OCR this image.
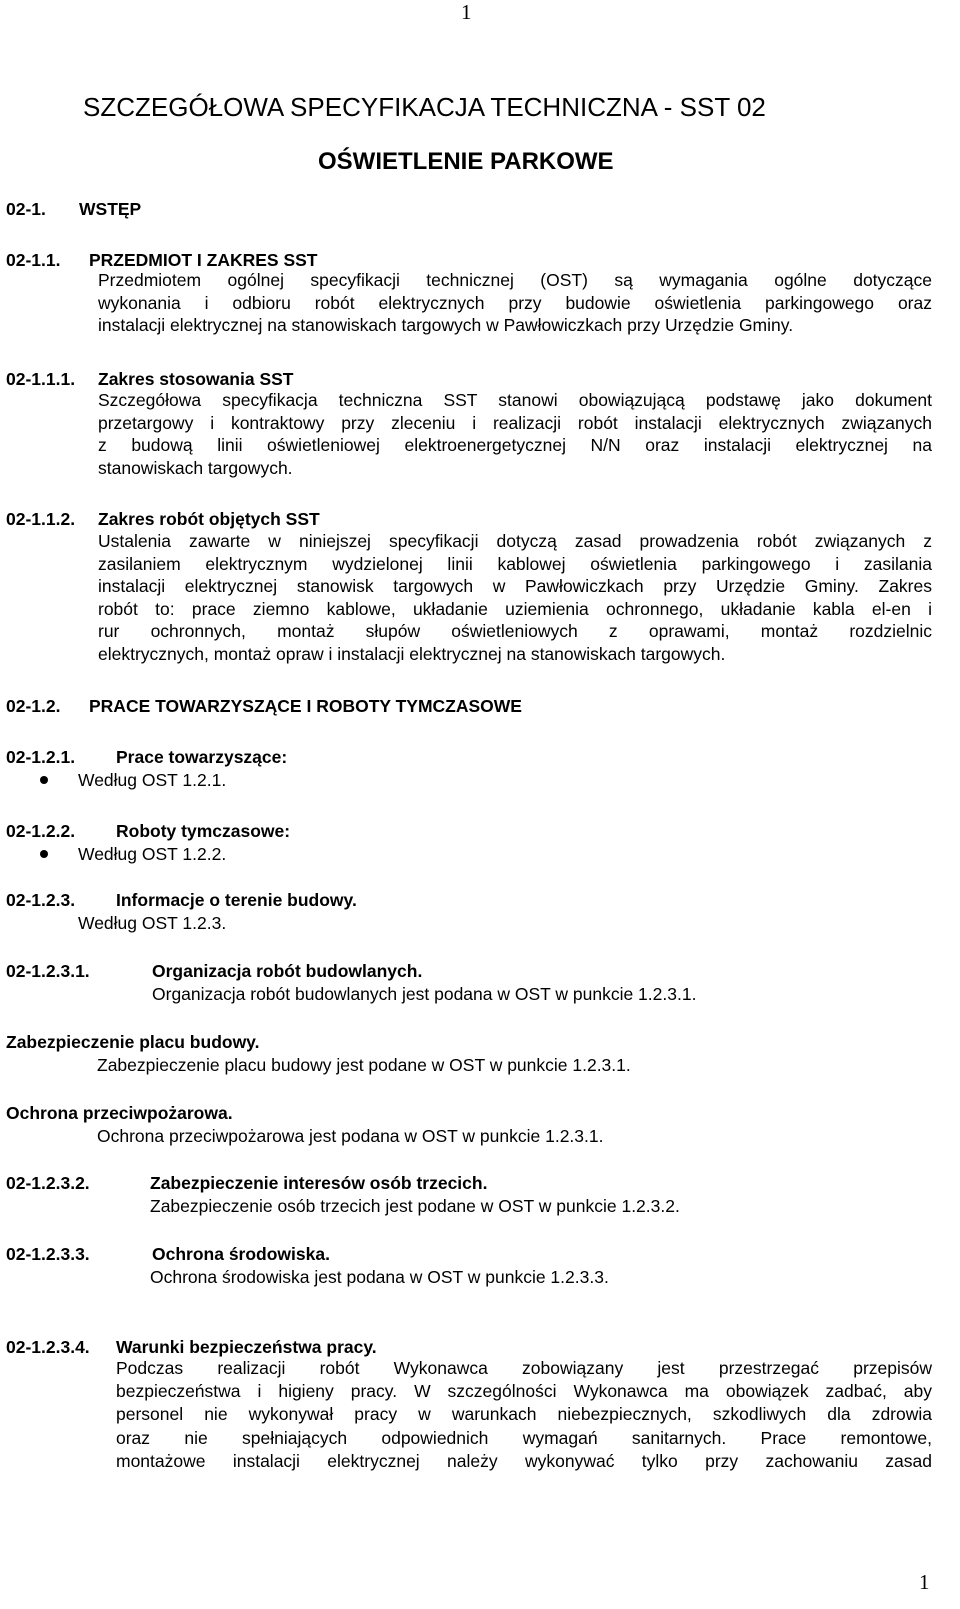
1
SZCZEGÓŁOWA SPECYFIKACJA TECHNICZNA - SST 02
OŚWIETLENIE PARKOWE
02-1. WSTĘP
02-1.1. PRZEDMIOT I ZAKRES SST
Przedmiotem ogólnej specyfikacji technicznej (OST) są wymagania ogólne dotyczące
wykonania i odbioru robót elektrycznych przy budowie oświetlenia parkingowego oraz
instalacji elektrycznej na stanowiskach targowych w Pawłowiczkach przy Urzędzie Gminy.
02-1.1.1. Zakres stosowania SST
Szczegółowa specyfikacja techniczna SST stanowi obowiązującą podstawę jako dokument
przetargowy i kontraktowy przy zleceniu i realizacji robót instalacji elektrycznych związanych
z budową linii oświetleniowej elektroenergetycznej N/N oraz instalacji elektrycznej na
stanowiskach targowych.
02-1.1.2. Zakres robót objętych SST
Ustalenia zawarte w niniejszej specyfikacji dotyczą zasad prowadzenia robót związanych z
zasilaniem elektrycznym wydzielonej linii kablowej oświetlenia parkingowego i zasilania
instalacji elektrycznej stanowisk targowych w Pawłowiczkach przy Urzędzie Gminy. Zakres
robót to: prace ziemno kablowe, układanie uziemienia ochronnego, układanie kabla el-en i
rur ochronnych, montaż słupów oświetleniowych z oprawami, montaż rozdzielnic
elektrycznych, montaż opraw i instalacji elektrycznej na stanowiskach targowych.
02-1.2. PRACE TOWARZYSZĄCE I ROBOTY TYMCZASOWE
02-1.2.1. Prace towarzyszące:
Według OST 1.2.1.
02-1.2.2. Roboty tymczasowe:
Według OST 1.2.2.
02-1.2.3. Informacje o terenie budowy.
Według OST 1.2.3.
02-1.2.3.1.	Organizacja robót budowlanych.
Organizacja robót budowlanych jest podana w OST w punkcie 1.2.3.1.
Zabezpieczenie placu budowy.
Zabezpieczenie placu budowy jest podane w OST w punkcie 1.2.3.1.
Ochrona przeciwpożarowa.
Ochrona przeciwpożarowa jest podana w OST w punkcie 1.2.3.1.
02-1.2.3.2.	Zabezpieczenie interesów osób trzecich.
Zabezpieczenie osób trzecich jest podane w OST w punkcie 1.2.3.2.
02-1.2.3.3.	Ochrona środowiska.
Ochrona środowiska jest podana w OST w punkcie 1.2.3.3.
02-1.2.3.4. Warunki bezpieczeństwa pracy.
Podczas realizacji robót Wykonawca zobowiązany jest przestrzegać przepisów
bezpieczeństwa i higieny pracy. W szczególności Wykonawca ma obowiązek zadbać, aby
personel nie wykonywał pracy w warunkach niebezpiecznych, szkodliwych dla zdrowia
oraz nie spełniających odpowiednich wymagań sanitarnych. Prace remontowe,
montażowe instalacji elektrycznej należy wykonywać tylko przy zachowaniu zasad
1
